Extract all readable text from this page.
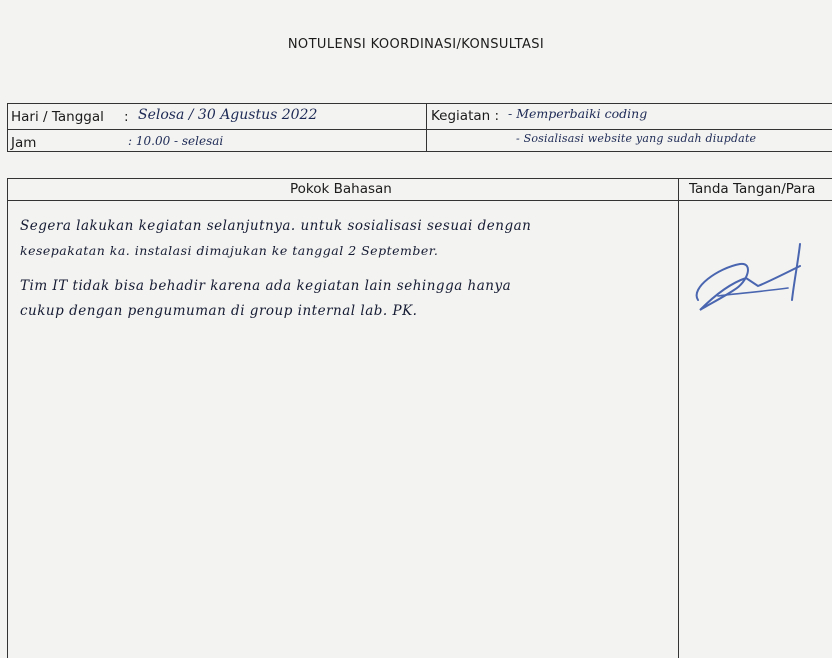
NOTULENSI KOORDINASI/KONSULTASI
Hari / Tanggal : Selosa / 30 Agustus 2022
Jam	: 10.00 - selesai
Kegiatan : - Memperbaiki coding
- Sosialisasi website yang sudah diupdate
Pokok Bahasan	Tanda Tangan/Para
Segera lakukan kegiatan selanjutnya. untuk sosialisasi sesuai dengan
kesepakatan ka. instalasi dimajukan ke tanggal 2 September.
Tim IT tidak bisa behadir karena ada kegiatan lain sehingga hanya
cukup dengan pengumuman di group internal lab. PK.
